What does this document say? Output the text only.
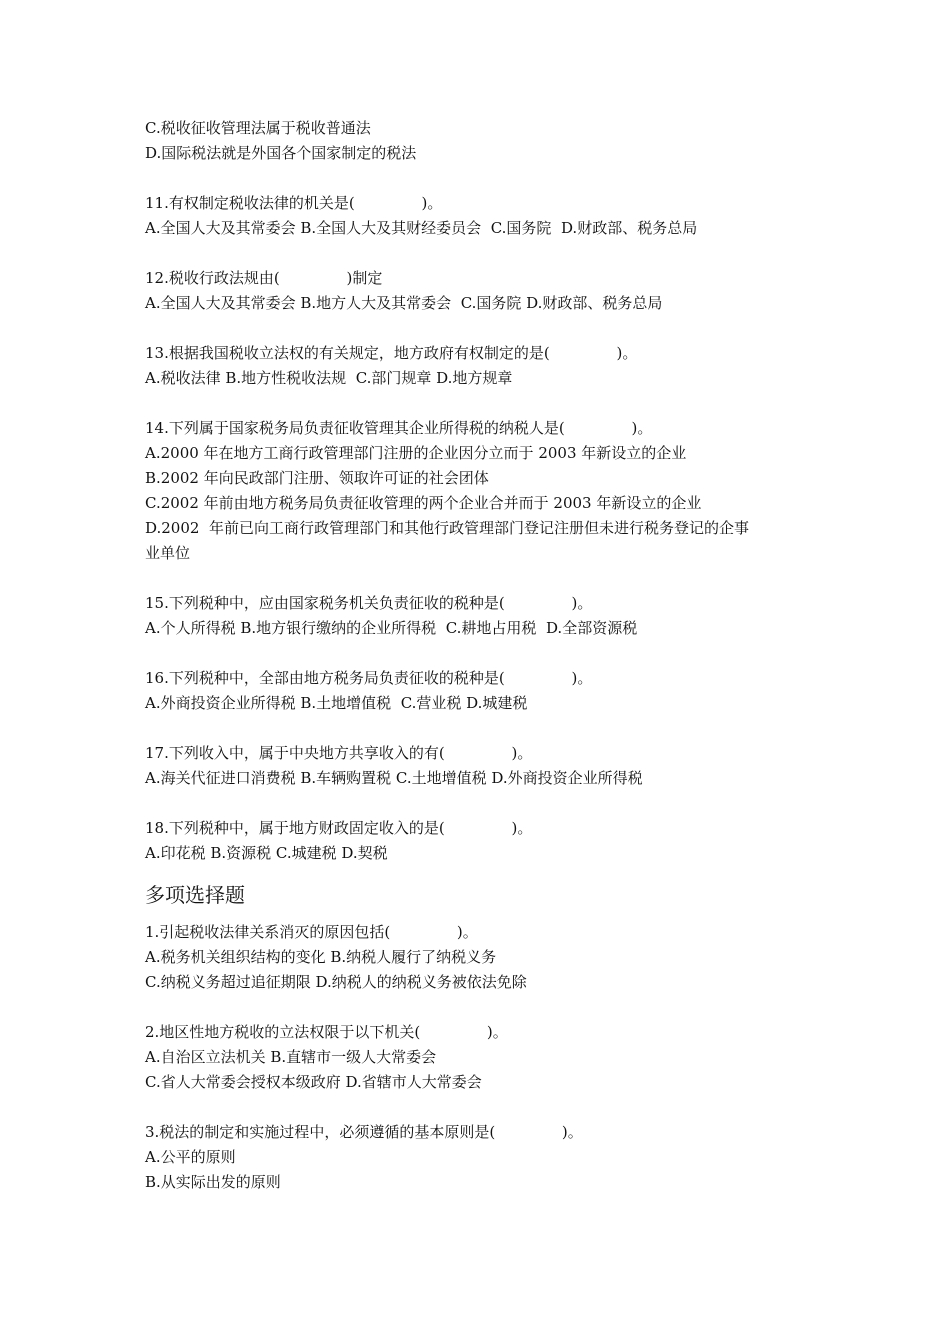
C.税收征收管理法属于税收普通法
D.国际税法就是外国各个国家制定的税法
11.有权制定税收法律的机关是(              )。
A.全国人大及其常委会 B.全国人大及其财经委员会  C.国务院  D.财政部、税务总局
12.税收行政法规由(              )制定
A.全国人大及其常委会 B.地方人大及其常委会  C.国务院 D.财政部、税务总局
13.根据我国税收立法权的有关规定，地方政府有权制定的是(              )。
A.税收法律 B.地方性税收法规  C.部门规章 D.地方规章
14.下列属于国家税务局负责征收管理其企业所得税的纳税人是(              )。
A.2000 年在地方工商行政管理部门注册的企业因分立而于 2003 年新设立的企业
B.2002 年向民政部门注册、领取许可证的社会团体
C.2002 年前由地方税务局负责征收管理的两个企业合并而于 2003 年新设立的企业
D.2002  年前已向工商行政管理部门和其他行政管理部门登记注册但未进行税务登记的企事
业单位
15.下列税种中，应由国家税务机关负责征收的税种是(              )。
A.个人所得税 B.地方银行缴纳的企业所得税  C.耕地占用税  D.全部资源税
16.下列税种中，全部由地方税务局负责征收的税种是(              )。
A.外商投资企业所得税 B.土地增值税  C.营业税 D.城建税
17.下列收入中，属于中央地方共享收入的有(              )。
A.海关代征进口消费税 B.车辆购置税 C.土地增值税 D.外商投资企业所得税
18.下列税种中，属于地方财政固定收入的是(              )。
A.印花税 B.资源税 C.城建税 D.契税
多项选择题
1.引起税收法律关系消灭的原因包括(              )。
A.税务机关组织结构的变化 B.纳税人履行了纳税义务
C.纳税义务超过追征期限 D.纳税人的纳税义务被依法免除
2.地区性地方税收的立法权限于以下机关(              )。
A.自治区立法机关 B.直辖市一级人大常委会
C.省人大常委会授权本级政府 D.省辖市人大常委会
3.税法的制定和实施过程中，必须遵循的基本原则是(              )。
A.公平的原则
B.从实际出发的原则
